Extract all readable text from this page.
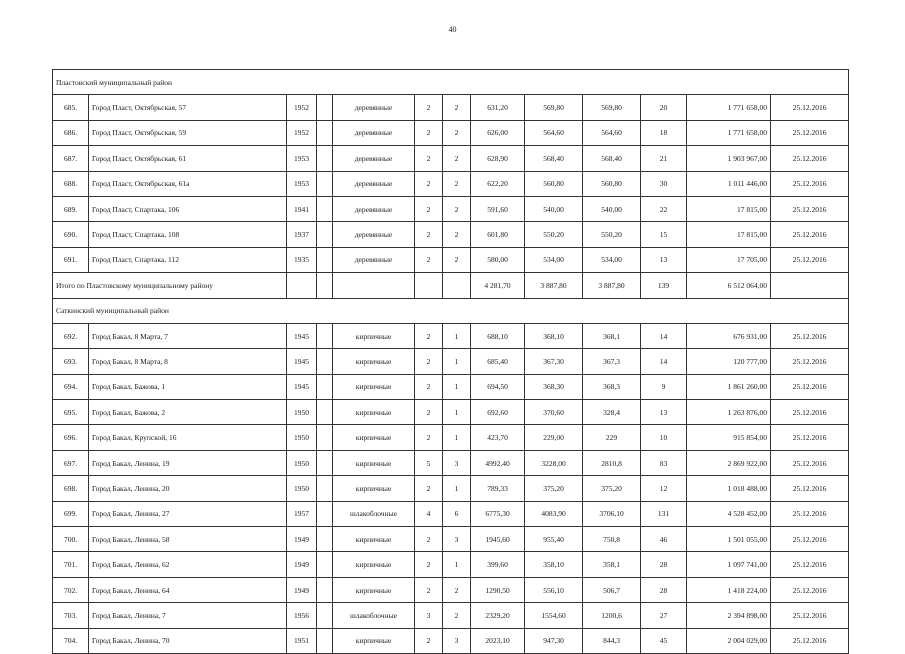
40
Пластовский муниципальный район												
685.	Город Пласт, Октябрьская, 57	1952		деревянные	2	2	631,20	569,80	569,80	20	1 771 658,00	25.12.2016
686.	Город Пласт, Октябрьская, 59	1952		деревянные	2	2	626,00	564,60	564,60	18	1 771 658,00	25.12.2016
687.	Город Пласт, Октябрьская, 61	1953		деревянные	2	2	628,90	568,40	568,40	21	1 903 967,00	25.12.2016
688.	Город Пласт, Октябрьская, 61а	1953		деревянные	2	2	622,20	560,80	560,80	30	1 011 446,00	25.12.2016
689.	Город Пласт, Спартака, 106	1941		деревянные	2	2	591,60	540,00	540,00	22	17 815,00	25.12.2016
690.	Город Пласт, Спартака, 108	1937		деревянные	2	2	601,80	550,20	550,20	15	17 815,00	25.12.2016
691.	Город Пласт, Спартака, 112	1935		деревянные	2	2	580,00	534,00	534,00	13	17 705,00	25.12.2016
Итого по Пластовскому муниципальному району							4 281,70	3 887,80	3 887,80	139	6 512 064,00	
Саткинский муниципальный район												
692.	Город Бакал, 8 Марта, 7	1945		кирпичные	2	1	688,10	368,10	368,1	14	676 931,00	25.12.2016
693.	Город Бакал, 8 Марта, 8	1945		кирпичные	2	1	685,40	367,30	367,3	14	120 777,00	25.12.2016
694.	Город Бакал, Бажова, 1	1945		кирпичные	2	1	694,50	368,30	368,3	9	1 861 260,00	25.12.2016
695.	Город Бакал, Бажова, 2	1950		кирпичные	2	1	692,60	370,60	328,4	13	1 263 876,00	25.12.2016
696.	Город Бакал, Крупской, 16	1950		кирпичные	2	1	423,70	229,00	229	10	915 854,00	25.12.2016
697.	Город Бакал, Ленина, 19	1950		кирпичные	5	3	4992,40	3228,00	2810,8	83	2 869 922,00	25.12.2016
698.	Город Бакал, Ленина, 20	1950		кирпичные	2	1	789,33	375,20	375,20	12	1 018 488,00	25.12.2016
699.	Город Бакал, Ленина, 27	1957		шлакоблочные	4	6	6775,30	4083,90	3706,10	131	4 528 452,00	25.12.2016
700.	Город Бакал, Ленина, 58	1949		кирпичные	2	3	1945,60	955,40	750,8	46	1 501 055,00	25.12.2016
701.	Город Бакал, Ленина, 62	1949		кирпичные	2	1	399,60	358,10	358,1	28	1 097 741,00	25.12.2016
702.	Город Бакал, Ленина, 64	1949		кирпичные	2	2	1290,50	556,10	506,7	28	1 418 224,00	25.12.2016
703.	Город Бакал, Ленина, 7	1956		шлакоблочные	3	2	2329,20	1554,60	1200,6	27	2 394 898,00	25.12.2016
704.	Город Бакал, Ленина, 70	1951		кирпичные	2	3	2023,10	947,30	844,3	45	2 004 029,00	25.12.2016
